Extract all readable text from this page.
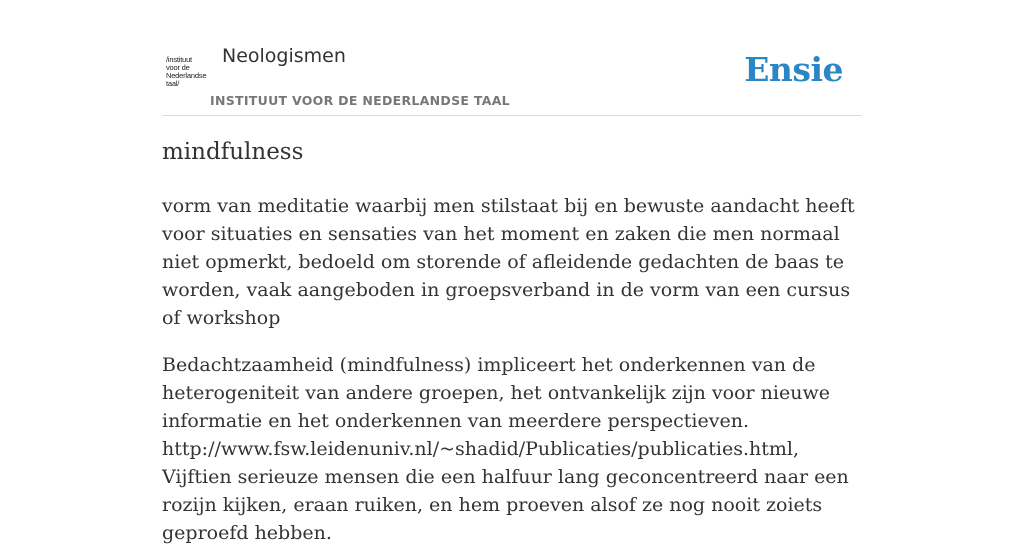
/instituut
voor de
Nederlandse
taal/
Neologismen
INSTITUUT VOOR DE NEDERLANDSE TAAL
Ensie
mindfulness

vorm van meditatie waarbij men stilstaat bij en bewuste aandacht heeft voor situaties en sensaties van het moment en zaken die men normaal niet opmerkt, bedoeld om storende of afleidende gedachten de baas te worden, vaak aangeboden in groepsverband in de vorm van een cursus of workshop

Bedachtzaamheid (mindfulness) impliceert het onderkennen van de heterogeniteit van andere groepen, het ontvankelijk zijn voor nieuwe informatie en het onderkennen van meerdere perspectieven.
http://www.fsw.leidenuniv.nl/~shadid/Publicaties/publicaties.html,
Vijftien serieuze mensen die een halfuur lang geconcentreerd naar een rozijn kijken, eraan ruiken, en hem proeven alsof ze nog nooit zoiets geproefd hebben.
